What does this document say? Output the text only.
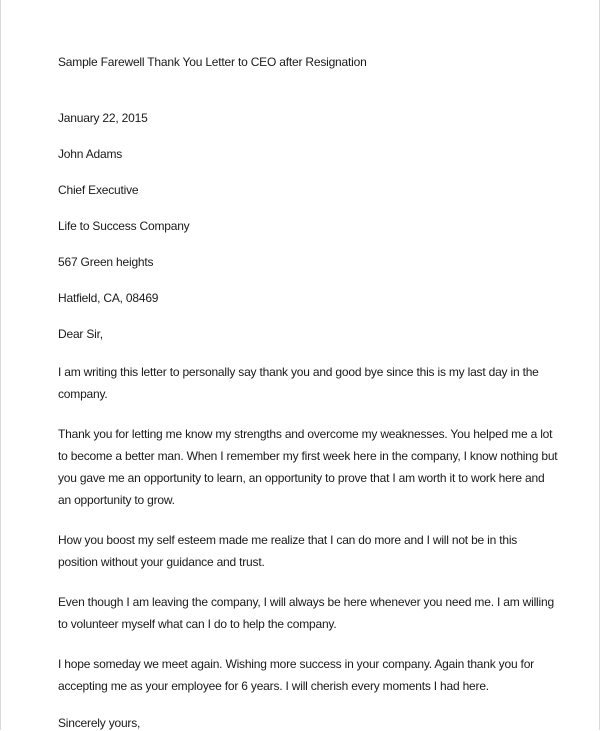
Sample Farewell Thank You Letter to CEO after Resignation

January 22, 2015

John Adams

Chief Executive

Life to Success Company

567 Green heights

Hatfield, CA, 08469

Dear Sir,

I am writing this letter to personally say thank you and good bye since this is my last day in the company.

Thank you for letting me know my strengths and overcome my weaknesses. You helped me a lot to become a better man. When I remember my first week here in the company, I know nothing but you gave me an opportunity to learn, an opportunity to prove that I am worth it to work here and an opportunity to grow.

How you boost my self esteem made me realize that I can do more and I will not be in this position without your guidance and trust.

Even though I am leaving the company, I will always be here whenever you need me. I am willing to volunteer myself what can I do to help the company.

I hope someday we meet again. Wishing more success in your company. Again thank you for accepting me as your employee for 6 years. I will cherish every moments I had here.

Sincerely yours,
